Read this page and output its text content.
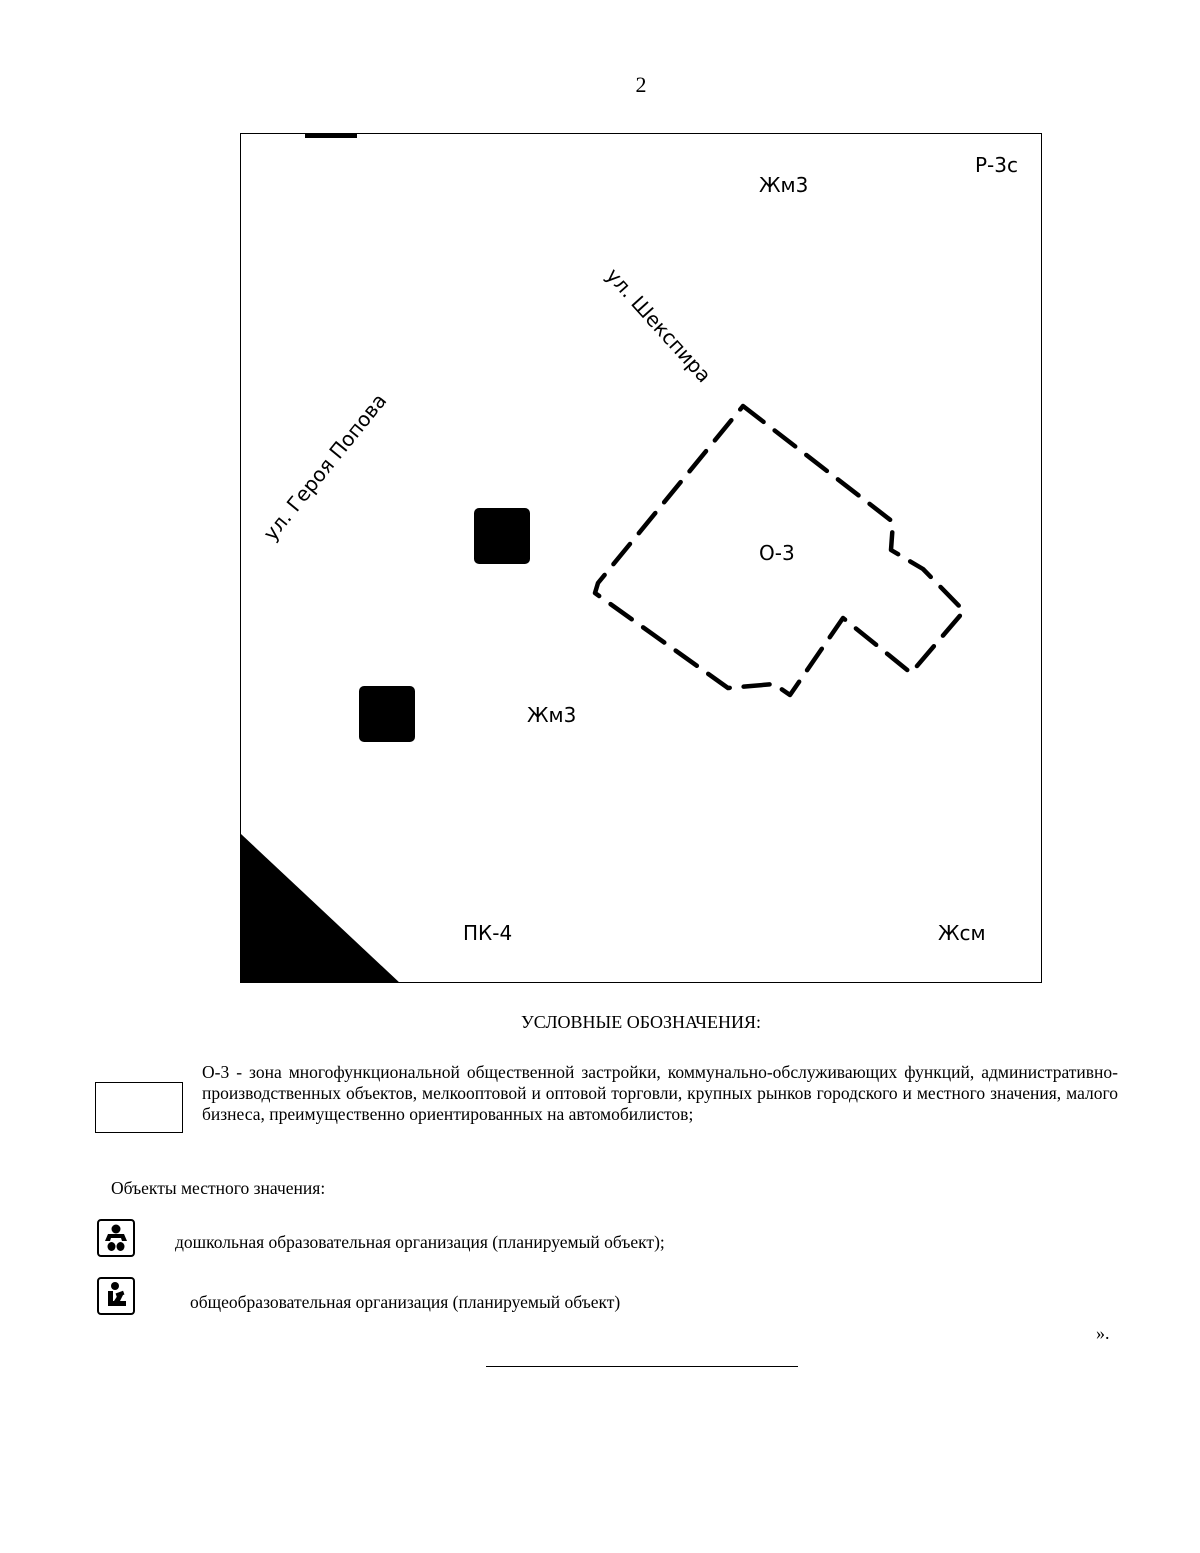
2
Жм3
Р-3с
О-3
Жм3
ПК-4	Жсм
ул. Шекспира
ул. Героя Попова
УСЛОВНЫЕ ОБОЗНАЧЕНИЯ:
О-3 - зона многофункциональной общественной застройки, коммунально-обслуживающих функций, административно-производственных объектов, мелкооптовой и оптовой торговли, крупных рынков городского и местного значения, малого бизнеса, преимущественно ориентированных на автомобилистов;
Объекты местного значения:
дошкольная образовательная организация (планируемый объект);
общеобразовательная организация (планируемый объект)
».
